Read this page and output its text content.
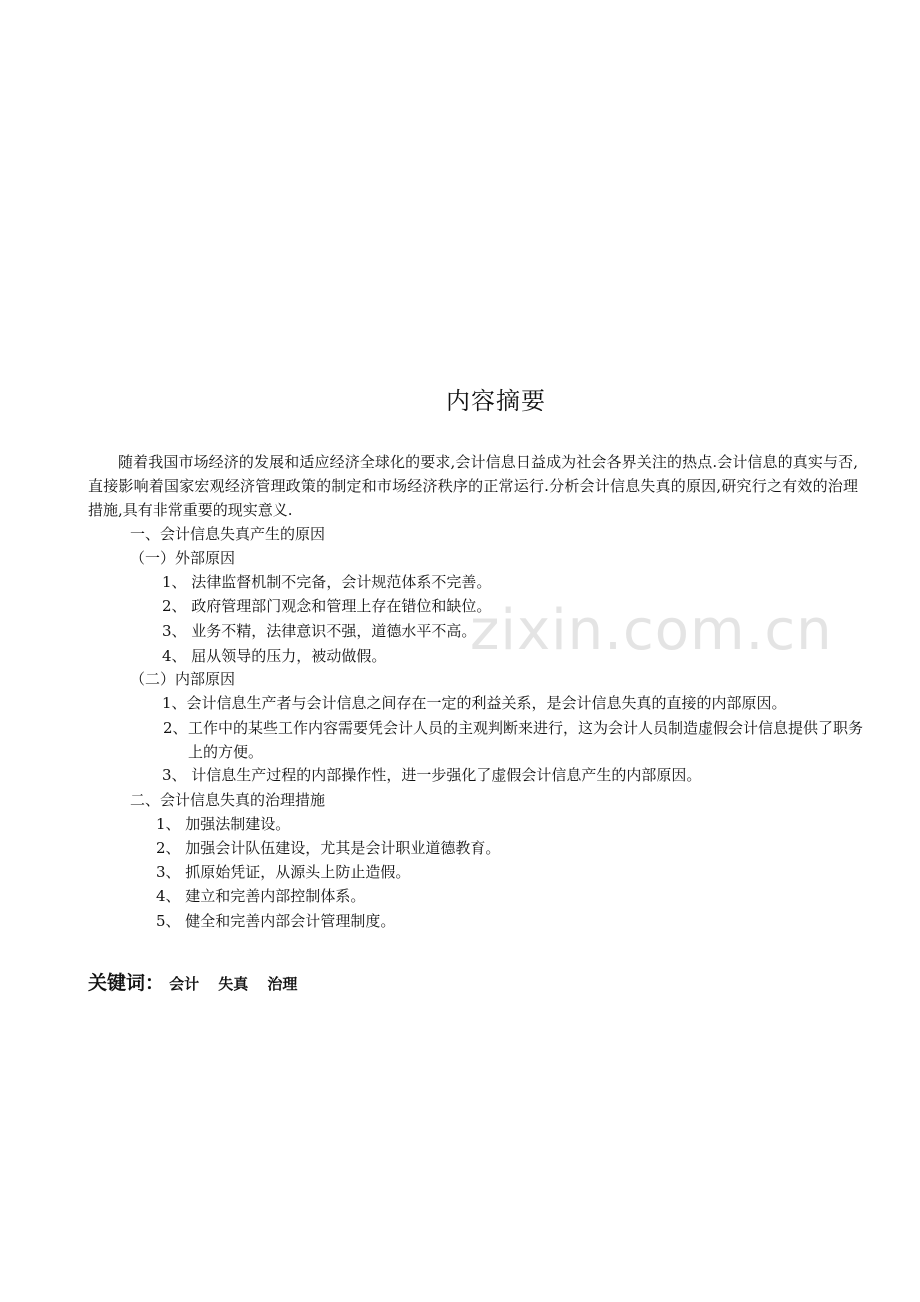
内容摘要

随着我国市场经济的发展和适应经济全球化的要求,会计信息日益成为社会各界关注的热点.会计信息的真实与否,直接影响着国家宏观经济管理政策的制定和市场经济秩序的正常运行.分析会计信息失真的原因,研究行之有效的治理措施,具有非常重要的现实意义.

一、会计信息失真产生的原因
（一）外部原因
1、 法律监督机制不完备，会计规范体系不完善。
2、 政府管理部门观念和管理上存在错位和缺位。
3、 业务不精，法律意识不强，道德水平不高。
4、 屈从领导的压力，被动做假。
（二）内部原因
1、会计信息生产者与会计信息之间存在一定的利益关系，是会计信息失真的直接的内部原因。
2、 工作中的某些工作内容需要凭会计人员的主观判断来进行，这为会计人员制造虚假会计信息提供了职务上的方便。
3、 计信息生产过程的内部操作性，进一步强化了虚假会计信息产生的内部原因。
二、会计信息失真的治理措施
1、 加强法制建设。
2、 加强会计队伍建设，尤其是会计职业道德教育。
3、 抓原始凭证，从源头上防止造假。
4、 建立和完善内部控制体系。
5、 健全和完善内部会计管理制度。
关键词： 会计 失真 治理
zixin.com.cn
